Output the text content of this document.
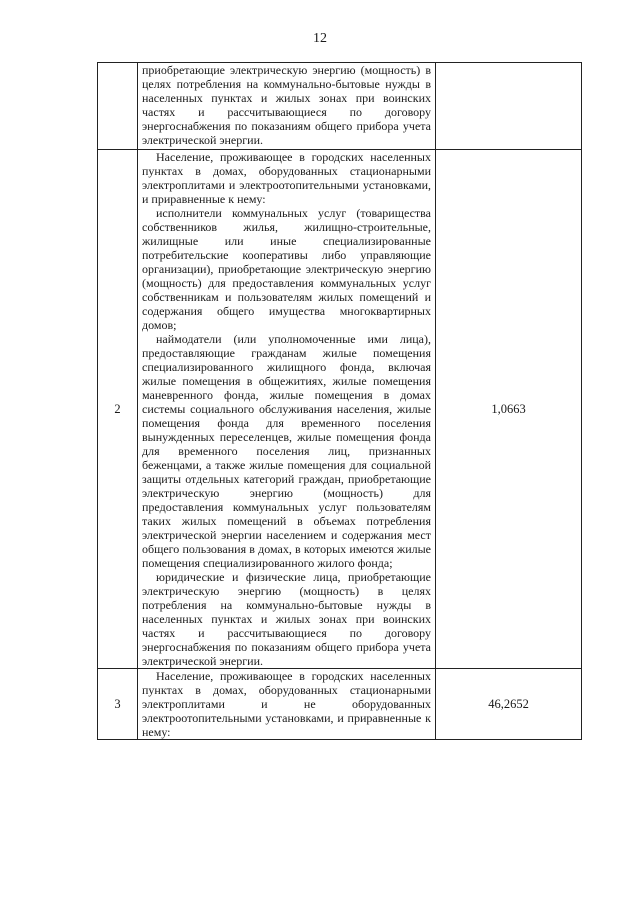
12

	приобретающие электрическую энергию (мощность) в целях потребления на коммунально-бытовые нужды в населенных пунктах и жилых зонах при воинских частях и рассчитывающиеся по договору энергоснабжения по показаниям общего прибора учета электрической энергии.	

2	Население, проживающее в городских населенных пунктах в домах, оборудованных стационарными электроплитами и электроотопительными установками, и приравненные к нему:

исполнители коммунальных услуг (товарищества собственников жилья, жилищно-строительные, жилищные или иные специализированные потребительские кооперативы либо управляющие организации), приобретающие электрическую энергию (мощность) для предоставления коммунальных услуг собственникам и пользователям жилых помещений и содержания общего имущества многоквартирных домов;

наймодатели (или уполномоченные ими лица), предоставляющие гражданам жилые помещения специализированного жилищного фонда, включая жилые помещения в общежитиях, жилые помещения маневренного фонда, жилые помещения в домах системы социального обслуживания населения, жилые помещения фонда для временного поселения вынужденных переселенцев, жилые помещения фонда для временного поселения лиц, признанных беженцами, а также жилые помещения для социальной защиты отдельных категорий граждан, приобретающие электрическую энергию (мощность) для предоставления коммунальных услуг пользователям таких жилых помещений в объемах потребления электрической энергии населением и содержания мест общего пользования в домах, в которых имеются жилые помещения специализированного жилого фонда;

юридические и физические лица, приобретающие электрическую энергию (мощность) в целях потребления на коммунально-бытовые нужды в населенных пунктах и жилых зонах при воинских частях и рассчитывающиеся по договору энергоснабжения по показаниям общего прибора учета электрической энергии.	1,0663
3	Население, проживающее в городских населенных пунктах в домах, оборудованных стационарными электроплитами и не оборудованных электроотопительными установками, и приравненные к нему:	46,2652
